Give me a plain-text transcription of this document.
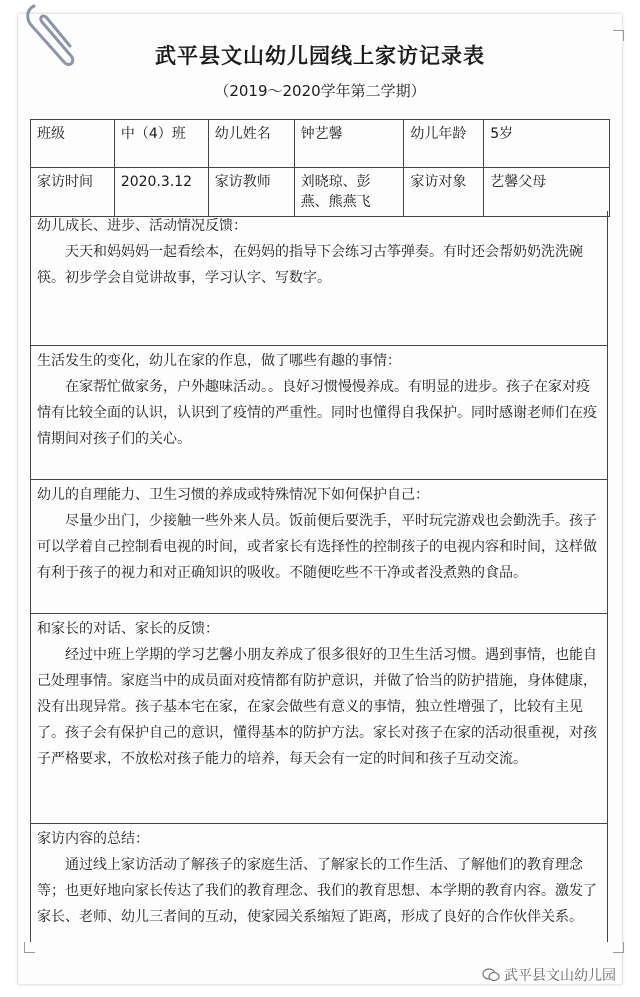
武平县文山幼儿园线上家访记录表
（2019～2020学年第二学期）
班级	中（4）班	幼儿姓名	钟艺馨	幼儿年龄	5岁
家访时间	2020.3.12	家访教师	刘晓琼、彭燕、熊燕飞	家访对象	艺馨父母

幼儿成长、进步、活动情况反馈：

天天和妈妈妈一起看绘本，在妈妈的指导下会练习古筝弹奏。有时还会帮奶奶洗洗碗筷。初步学会自觉讲故事，学习认字、写数字。

生活发生的变化，幼儿在家的作息，做了哪些有趣的事情：

在家帮忙做家务，户外趣味活动。。良好习惯慢慢养成。有明显的进步。孩子在家对疫情有比较全面的认识，认识到了疫情的严重性。同时也懂得自我保护。同时感谢老师们在疫情期间对孩子们的关心。

幼儿的自理能力、卫生习惯的养成或特殊情况下如何保护自己：

尽量少出门，少接触一些外来人员。饭前便后要洗手，平时玩完游戏也会勤洗手。孩子可以学着自己控制看电视的时间，或者家长有选择性的控制孩子的电视内容和时间，这样做有利于孩子的视力和对正确知识的吸收。不随便吃些不干净或者没煮熟的食品。

和家长的对话、家长的反馈：

经过中班上学期的学习艺馨小朋友养成了很多很好的卫生生活习惯。遇到事情，也能自己处理事情。家庭当中的成员面对疫情都有防护意识，并做了恰当的防护措施，身体健康，没有出现异常。孩子基本宅在家，在家会做些有意义的事情，独立性增强了，比较有主见了。孩子会有保护自己的意识，懂得基本的防护方法。家长对孩子在家的活动很重视，对孩子严格要求，不放松对孩子能力的培养，每天会有一定的时间和孩子互动交流。

家访内容的总结：

通过线上家访活动了解孩子的家庭生活、了解家长的工作生活、了解他们的教育理念等；也更好地向家长传达了我们的教育理念、我们的教育思想、本学期的教育内容。激发了家长、老师、幼儿三者间的互动，使家园关系缩短了距离，形成了良好的合作伙伴关系。

武平县文山幼儿园
